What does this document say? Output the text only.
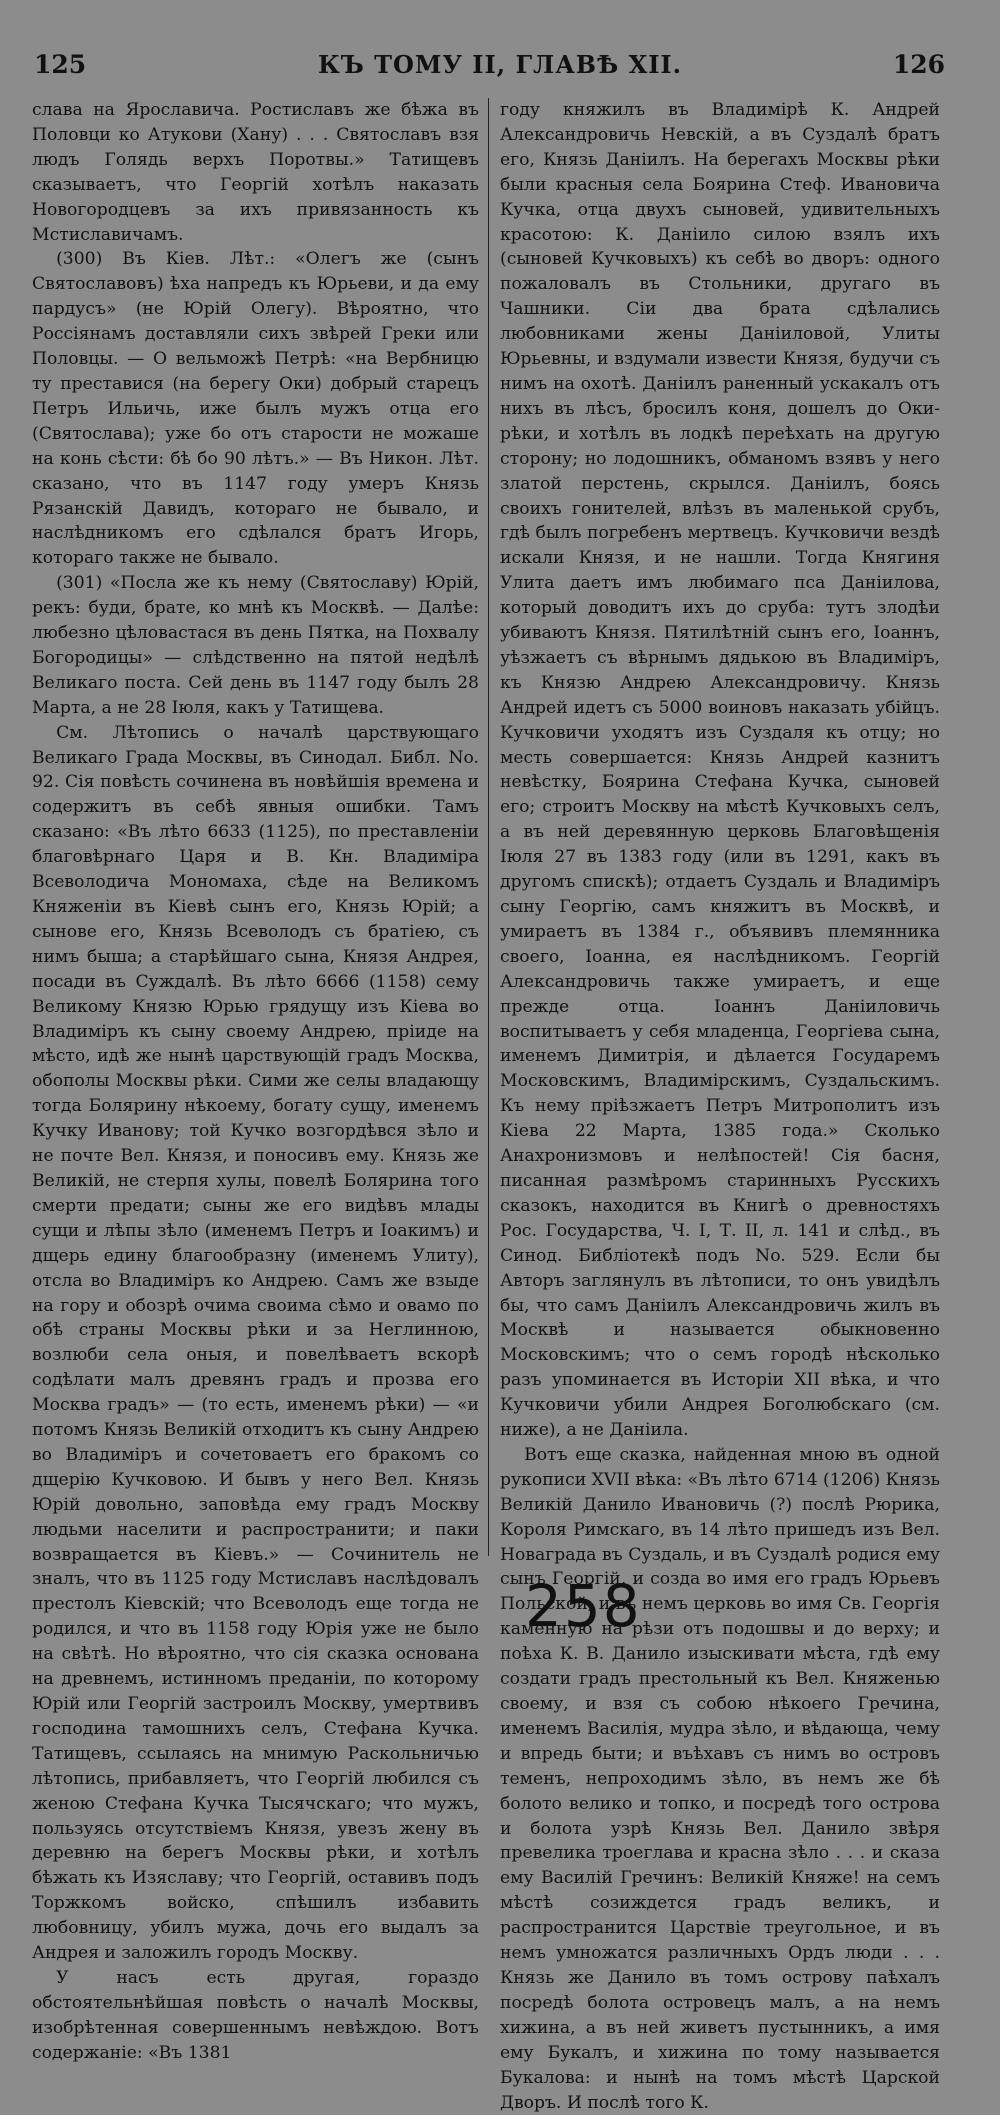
125	КЪ ТОМУ II, ГЛАВѢ XII.	126

слава на Ярославича. Ростиславъ же бѣжа въ Половци ко Атукови (Хану) . . . Святославъ взя людъ Голядь верхъ Поротвы.» Татищевъ сказываетъ, что Георгій хотѣлъ наказать Новогородцевъ за ихъ привязанность къ Мстиславичамъ.

(300) Въ Кіев. Лѣт.: «Олегъ же (сынъ Святославовъ) ѣха напредъ къ Юрьеви, и да ему пардусъ» (не Юрій Олегу). Вѣроятно, что Россіянамъ доставляли сихъ звѣрей Греки или Половцы. — О вельможѣ Петрѣ: «на Вербницю ту преставися (на берегу Оки) добрый старецъ Петръ Ильичь, иже былъ мужъ отца его (Святослава); уже бо отъ старости не можаше на конь сѣсти: бѣ бо 90 лѣтъ.» — Въ Никон. Лѣт. сказано, что въ 1147 году умеръ Князь Рязанскій Давидъ, котораго не бывало, и наслѣдникомъ его сдѣлался братъ Игорь, котораго также не бывало.

(301) «Посла же къ нему (Святославу) Юрій, рекъ: буди, брате, ко мнѣ къ Москвѣ. — Далѣе: любезно цѣловастася въ день Пятка, на Похвалу Богородицы» — слѣдственно на пятой недѣлѣ Великаго поста. Сей день въ 1147 году былъ 28 Марта, а не 28 Іюля, какъ у Татищева.

См. Лѣтопись о началѣ царствующаго Великаго Града Москвы, въ Синодал. Библ. No. 92. Сія повѣсть сочинена въ новѣйшія времена и содержитъ въ себѣ явныя ошибки. Тамъ сказано: «Въ лѣто 6633 (1125), по преставленіи благовѣрнаго Царя и В. Кн. Владиміра Всеволодича Мономаха, сѣде на Великомъ Княженіи въ Кіевѣ сынъ его, Князь Юрій; а сынове его, Князь Всеволодъ съ братіею, съ нимъ быша; а старѣйшаго сына, Князя Андрея, посади въ Суждалѣ. Въ лѣто 6666 (1158) сему Великому Князю Юрью грядущу изъ Кіева во Владиміръ къ сыну своему Андрею, пріиде на мѣсто, идѣ же нынѣ царствующій градъ Москва, обополы Москвы рѣки. Сими же селы владающу тогда Болярину нѣкоему, богату сущу, именемъ Кучку Иванову; той Кучко возгордѣвся зѣло и не почте Вел. Князя, и поносивъ ему. Князь же Великій, не стерпя хулы, повелѣ Болярина того смерти предати; сыны же его видѣвъ млады сущи и лѣпы зѣло (именемъ Петръ и Іоакимъ) и дщерь едину благообразну (именемъ Улиту), отсла во Владиміръ ко Андрею. Самъ же взыде на гору и обозрѣ очима своима сѣмо и овамо по обѣ страны Москвы рѣки и за Неглинною, возлюби села оныя, и повелѣваетъ вскорѣ содѣлати малъ древянъ градъ и прозва его Москва градъ» — (то есть, именемъ рѣки) — «и потомъ Князь Великій отходитъ къ сыну Андрею во Владиміръ и сочетоваетъ его бракомъ со дщерію Кучковою. И бывъ у него Вел. Князь Юрій довольно, заповѣда ему градъ Москву людьми населити и распространити; и паки возвращается въ Кіевъ.» — Сочинитель не зналъ, что въ 1125 году Мстиславъ наслѣдовалъ престолъ Кіевскій; что Всеволодъ еще тогда не родился, и что въ 1158 году Юрія уже не было на свѣтѣ. Но вѣроятно, что сія сказка основана на древнемъ, истинномъ преданіи, по которому Юрій или Георгій застроилъ Москву, умертвивъ господина тамошнихъ селъ, Стефана Кучка. Татищевъ, ссылаясь на мнимую Раскольничью лѣтопись, прибавляетъ, что Георгій любился съ женою Стефана Кучка Тысячскаго; что мужъ, пользуясь отсутствіемъ Князя, увезъ жену въ деревню на берегъ Москвы рѣки, и хотѣлъ бѣжать къ Изяславу; что Георгій, оставивъ подъ Торжкомъ войско, спѣшилъ избавить любовницу, убилъ мужа, дочь его выдалъ за Андрея и заложилъ городъ Москву.

У насъ есть другая, гораздо обстоятельнѣйшая повѣсть о началѣ Москвы, изобрѣтенная совершеннымъ невѣждою. Вотъ содержаніе: «Въ 1381

году княжилъ въ Владимірѣ К. Андрей Александровичь Невскій, а въ Суздалѣ братъ его, Князь Даніилъ. На берегахъ Москвы рѣки были красныя села Боярина Стеф. Ивановича Кучка, отца двухъ сыновей, удивительныхъ красотою: К. Даніило силою взялъ ихъ (сыновей Кучковыхъ) къ себѣ во дворъ: одного пожаловалъ въ Стольники, другаго въ Чашники. Сіи два брата сдѣлались любовниками жены Даніиловой, Улиты Юрьевны, и вздумали извести Князя, будучи съ нимъ на охотѣ. Даніилъ раненный ускакалъ отъ нихъ въ лѣсъ, бросилъ коня, дошелъ до Оки-рѣки, и хотѣлъ въ лодкѣ переѣхать на другую сторону; но лодошникъ, обманомъ взявъ у него златой перстень, скрылся. Даніилъ, боясь своихъ гонителей, влѣзъ въ маленькой срубъ, гдѣ былъ погребенъ мертвецъ. Кучковичи вездѣ искали Князя, и не нашли. Тогда Княгиня Улита даетъ имъ любимаго пса Даніилова, который доводитъ ихъ до сруба: тутъ злодѣи убиваютъ Князя. Пятилѣтній сынъ его, Іоаннъ, уѣзжаетъ съ вѣрнымъ дядькою въ Владиміръ, къ Князю Андрею Александровичу. Князь Андрей идетъ съ 5000 воиновъ наказать убійцъ. Кучковичи уходятъ изъ Суздаля къ отцу; но месть совершается: Князь Андрей казнитъ невѣстку, Боярина Стефана Кучка, сыновей его; строитъ Москву на мѣстѣ Кучковыхъ селъ, а въ ней деревянную церковь Благовѣщенія Іюля 27 въ 1383 году (или въ 1291, какъ въ другомъ спискѣ); отдаетъ Суздаль и Владиміръ сыну Георгію, самъ княжитъ въ Москвѣ, и умираетъ въ 1384 г., объявивъ племянника своего, Іоанна, ея наслѣдникомъ. Георгій Александровичь также умираетъ, и еще прежде отца. Іоаннъ Даніиловичь воспитываетъ у себя младенца, Георгіева сына, именемъ Димитрія, и дѣлается Государемъ Московскимъ, Владимірскимъ, Суздальскимъ. Къ нему пріѣзжаетъ Петръ Митрополитъ изъ Кіева 22 Марта, 1385 года.» Сколько Анахронизмовъ и нелѣпостей! Сія басня, писанная размѣромъ старинныхъ Русскихъ сказокъ, находится въ Книгѣ о древностяхъ Рос. Государства, Ч. I, Т. II, л. 141 и слѣд., въ Синод. Библіотекѣ подъ No. 529. Если бы Авторъ заглянулъ въ лѣтописи, то онъ увидѣлъ бы, что самъ Даніилъ Александровичь жилъ въ Москвѣ и называется обыкновенно Московскимъ; что о семъ городѣ нѣсколько разъ упоминается въ Исторіи XII вѣка, и что Кучковичи убили Андрея Боголюбскаго (см. ниже), а не Даніила.

Вотъ еще сказка, найденная мною въ одной рукописи XVII вѣка: «Въ лѣто 6714 (1206) Князь Великій Данило Ивановичь (?) послѣ Рюрика, Короля Римскаго, въ 14 лѣто пришедъ изъ Вел. Новаграда въ Суздаль, и въ Суздалѣ родися ему сынъ Георгій, и созда во имя его градъ Юрьевъ Польской, и въ немъ церковь во имя Св. Георгія каменную на рѣзи отъ подошвы и до верху; и поѣха К. В. Данило изыскивати мѣста, гдѣ ему создати градъ престольный къ Вел. Княженью своему, и взя съ собою нѣкоего Гречина, именемъ Василія, мудра зѣло, и вѣдающа, чему и впредь быти; и въѣхавъ съ нимъ во островъ теменъ, непроходимъ зѣло, въ немъ же бѣ болото велико и топко, и посредѣ того острова и болота узрѣ Князь Вел. Данило звѣря превелика троеглава и красна зѣло . . . и сказа ему Василій Гречинъ: Великій Княже! на семъ мѣстѣ созиждется градъ великъ, и распространится Царствіе треугольное, и въ немъ умножатся различныхъ Ордъ люди . . . Князь же Данило въ томъ острову паѣхалъ посредѣ болота островецъ малъ, а на немъ хижина, а въ ней живетъ пустынникъ, а имя ему Букалъ, и хижина по тому называется Букалова: и нынѣ на томъ мѣстѣ Царской Дворъ. И послѣ того К.

258
